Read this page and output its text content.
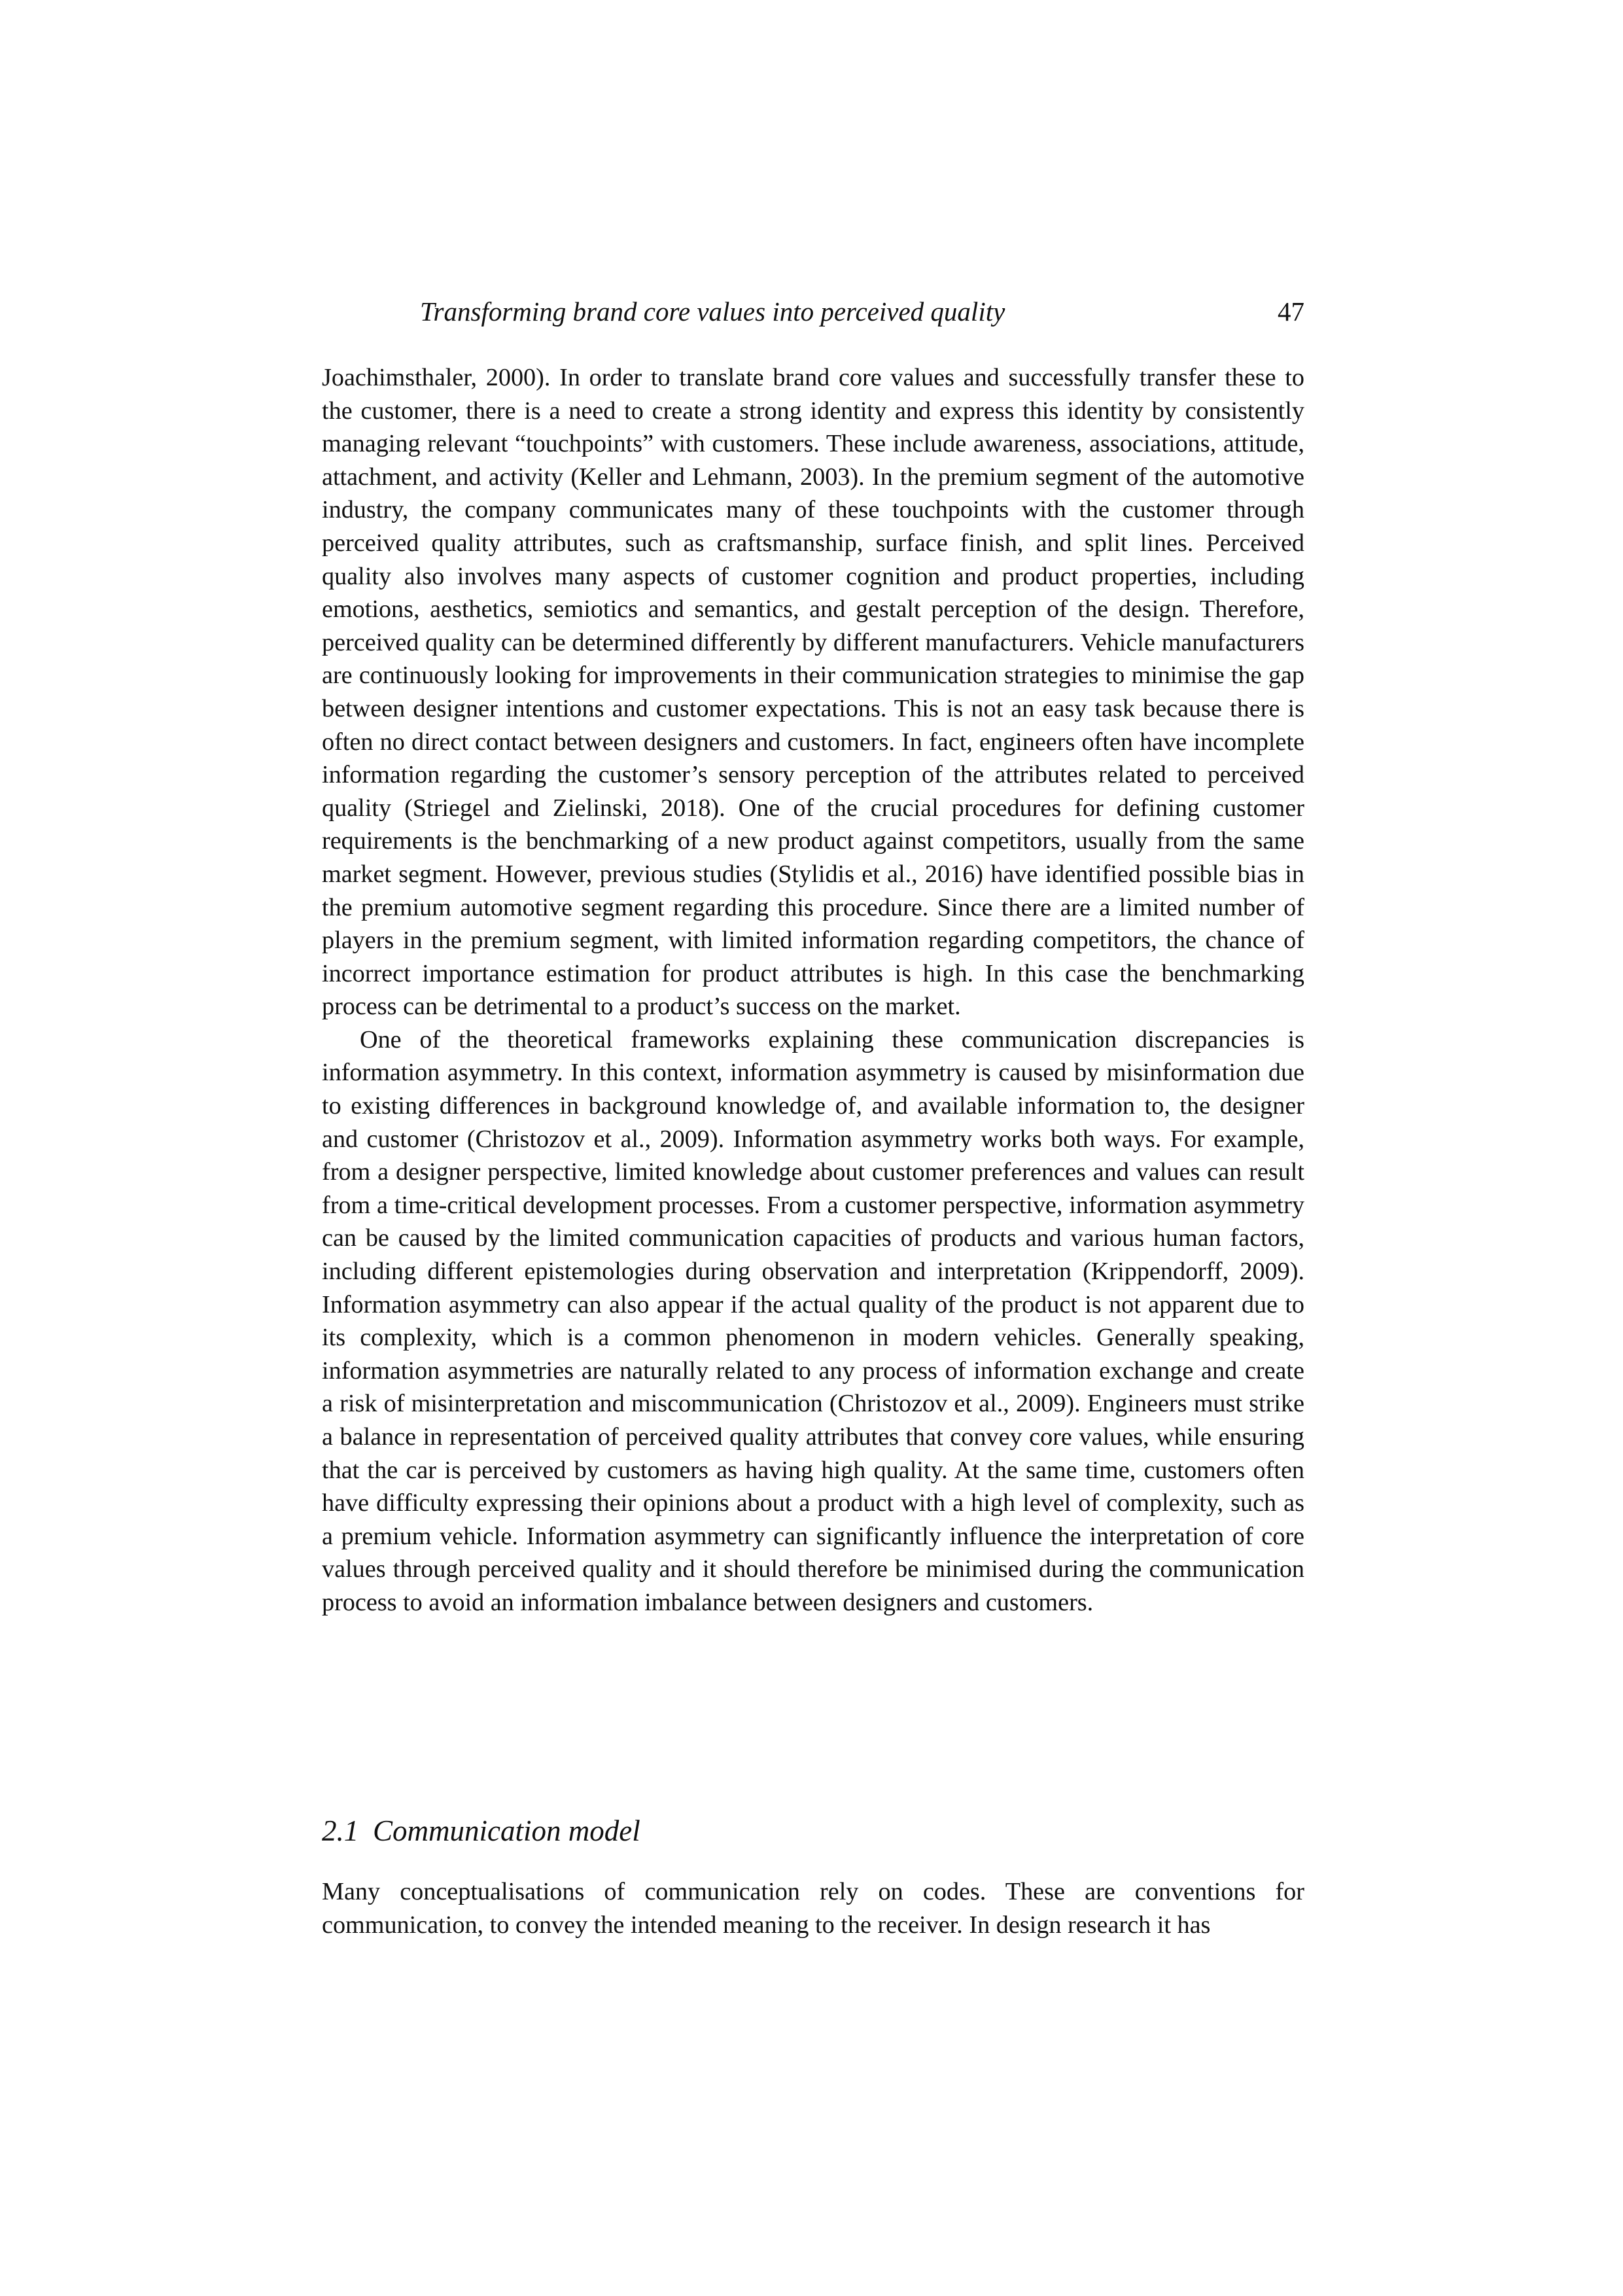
Transforming brand core values into perceived quality	47

Joachimsthaler, 2000). In order to translate brand core values and successfully transfer these to the customer, there is a need to create a strong identity and express this identity by consistently managing relevant “touchpoints” with customers. These include awareness, associations, attitude, attachment, and activity (Keller and Lehmann, 2003). In the premium segment of the automotive industry, the company communicates many of these touchpoints with the customer through perceived quality attributes, such as craftsmanship, surface finish, and split lines. Perceived quality also involves many aspects of customer cognition and product properties, including emotions, aesthetics, semiotics and semantics, and gestalt perception of the design. Therefore, perceived quality can be determined differently by different manufacturers. Vehicle manufacturers are continuously looking for improvements in their communication strategies to minimise the gap between designer intentions and customer expectations. This is not an easy task because there is often no direct contact between designers and customers. In fact, engineers often have incomplete information regarding the customer’s sensory perception of the attributes related to perceived quality (Striegel and Zielinski, 2018). One of the crucial procedures for defining customer requirements is the benchmarking of a new product against competitors, usually from the same market segment. However, previous studies (Stylidis et al., 2016) have identified possible bias in the premium automotive segment regarding this procedure. Since there are a limited number of players in the premium segment, with limited information regarding competitors, the chance of incorrect importance estimation for product attributes is high. In this case the benchmarking process can be detrimental to a product’s success on the market.

One of the theoretical frameworks explaining these communication discrepancies is information asymmetry. In this context, information asymmetry is caused by misinformation due to existing differences in background knowledge of, and available information to, the designer and customer (Christozov et al., 2009). Information asymmetry works both ways. For example, from a designer perspective, limited knowledge about customer preferences and values can result from a time-critical development processes. From a customer perspective, information asymmetry can be caused by the limited communication capacities of products and various human factors, including different epistemologies during observation and interpretation (Krippendorff, 2009). Information asymmetry can also appear if the actual quality of the product is not apparent due to its complexity, which is a common phenomenon in modern vehicles. Generally speaking, information asymmetries are naturally related to any process of information exchange and create a risk of misinterpretation and miscommunication (Christozov et al., 2009). Engineers must strike a balance in representation of perceived quality attributes that convey core values, while ensuring that the car is perceived by customers as having high quality. At the same time, customers often have difficulty expressing their opinions about a product with a high level of complexity, such as a premium vehicle. Information asymmetry can significantly influence the interpretation of core values through perceived quality and it should therefore be minimised during the communication process to avoid an information imbalance between designers and customers.

2.1 Communication model

Many conceptualisations of communication rely on codes. These are conventions for communication, to convey the intended meaning to the receiver. In design research it has
